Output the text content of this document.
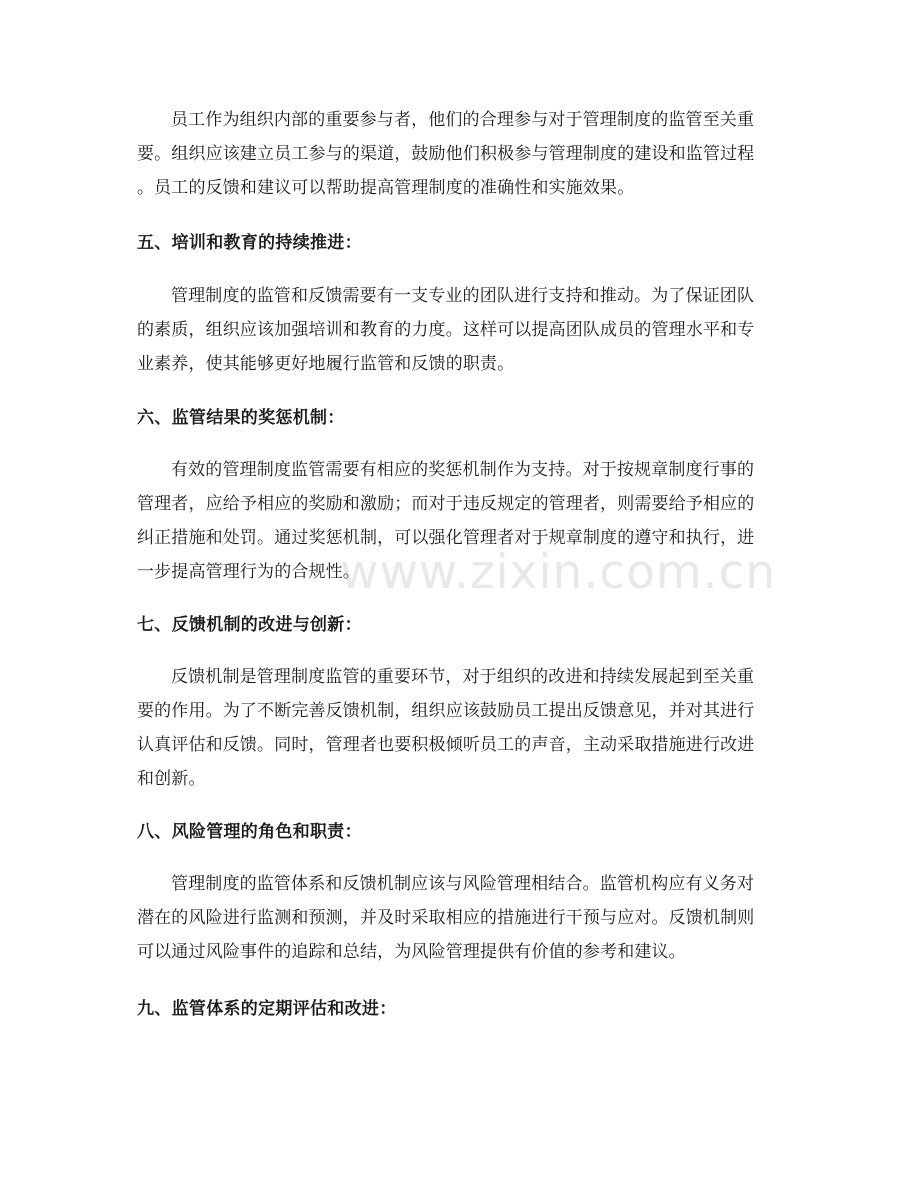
员工作为组织内部的重要参与者，他们的合理参与对于管理制度的监管至关重
要。组织应该建立员工参与的渠道，鼓励他们积极参与管理制度的建设和监管过程
。员工的反馈和建议可以帮助提高管理制度的准确性和实施效果。
五、培训和教育的持续推进：
管理制度的监管和反馈需要有一支专业的团队进行支持和推动。为了保证团队
的素质，组织应该加强培训和教育的力度。这样可以提高团队成员的管理水平和专
业素养，使其能够更好地履行监管和反馈的职责。
六、监管结果的奖惩机制：
有效的管理制度监管需要有相应的奖惩机制作为支持。对于按规章制度行事的
管理者，应给予相应的奖励和激励；而对于违反规定的管理者，则需要给予相应的
纠正措施和处罚。通过奖惩机制，可以强化管理者对于规章制度的遵守和执行，进
一步提高管理行为的合规性。
七、反馈机制的改进与创新：
反馈机制是管理制度监管的重要环节，对于组织的改进和持续发展起到至关重
要的作用。为了不断完善反馈机制，组织应该鼓励员工提出反馈意见，并对其进行
认真评估和反馈。同时，管理者也要积极倾听员工的声音，主动采取措施进行改进
和创新。
八、风险管理的角色和职责：
管理制度的监管体系和反馈机制应该与风险管理相结合。监管机构应有义务对
潜在的风险进行监测和预测，并及时采取相应的措施进行干预与应对。反馈机制则
可以通过风险事件的追踪和总结，为风险管理提供有价值的参考和建议。
九、监管体系的定期评估和改进：
www.zixin.com.cn
